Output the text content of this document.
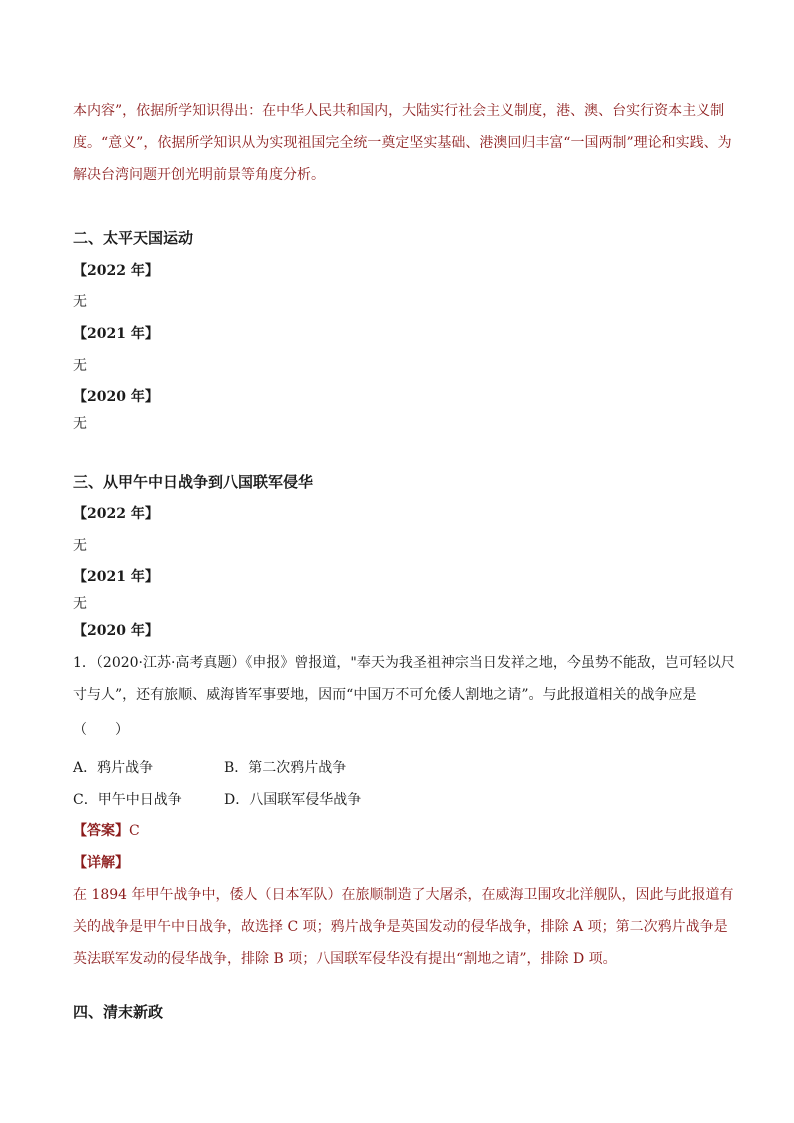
本内容”，依据所学知识得出：在中华人民共和国内，大陆实行社会主义制度，港、澳、台实行资本主义制
度。“意义”，依据所学知识从为实现祖国完全统一奠定坚实基础、港澳回归丰富“一国两制”理论和实践、为
解决台湾问题开创光明前景等角度分析。
二、太平天国运动
【2022 年】
无
【2021 年】
无
【2020 年】
无
三、从甲午中日战争到八国联军侵华
【2022 年】
无
【2021 年】
无
【2020 年】
1．（2020·江苏·高考真题）《申报》曾报道，"奉天为我圣祖神宗当日发祥之地，今虽势不能敌，岂可轻以尺
寸与人”，还有旅顺、威海皆军事要地，因而“中国万不可允倭人割地之请”。与此报道相关的战争应是
（　　）
A．鸦片战争	B．第二次鸦片战争
C．甲午中日战争	D．八国联军侵华战争
【答案】C
【详解】
在 1894 年甲午战争中，倭人（日本军队）在旅顺制造了大屠杀，在威海卫围攻北洋舰队，因此与此报道有
关的战争是甲午中日战争，故选择 C 项；鸦片战争是英国发动的侵华战争，排除 A 项；第二次鸦片战争是
英法联军发动的侵华战争，排除 B 项；八国联军侵华没有提出“割地之请”，排除 D 项。
四、清末新政
